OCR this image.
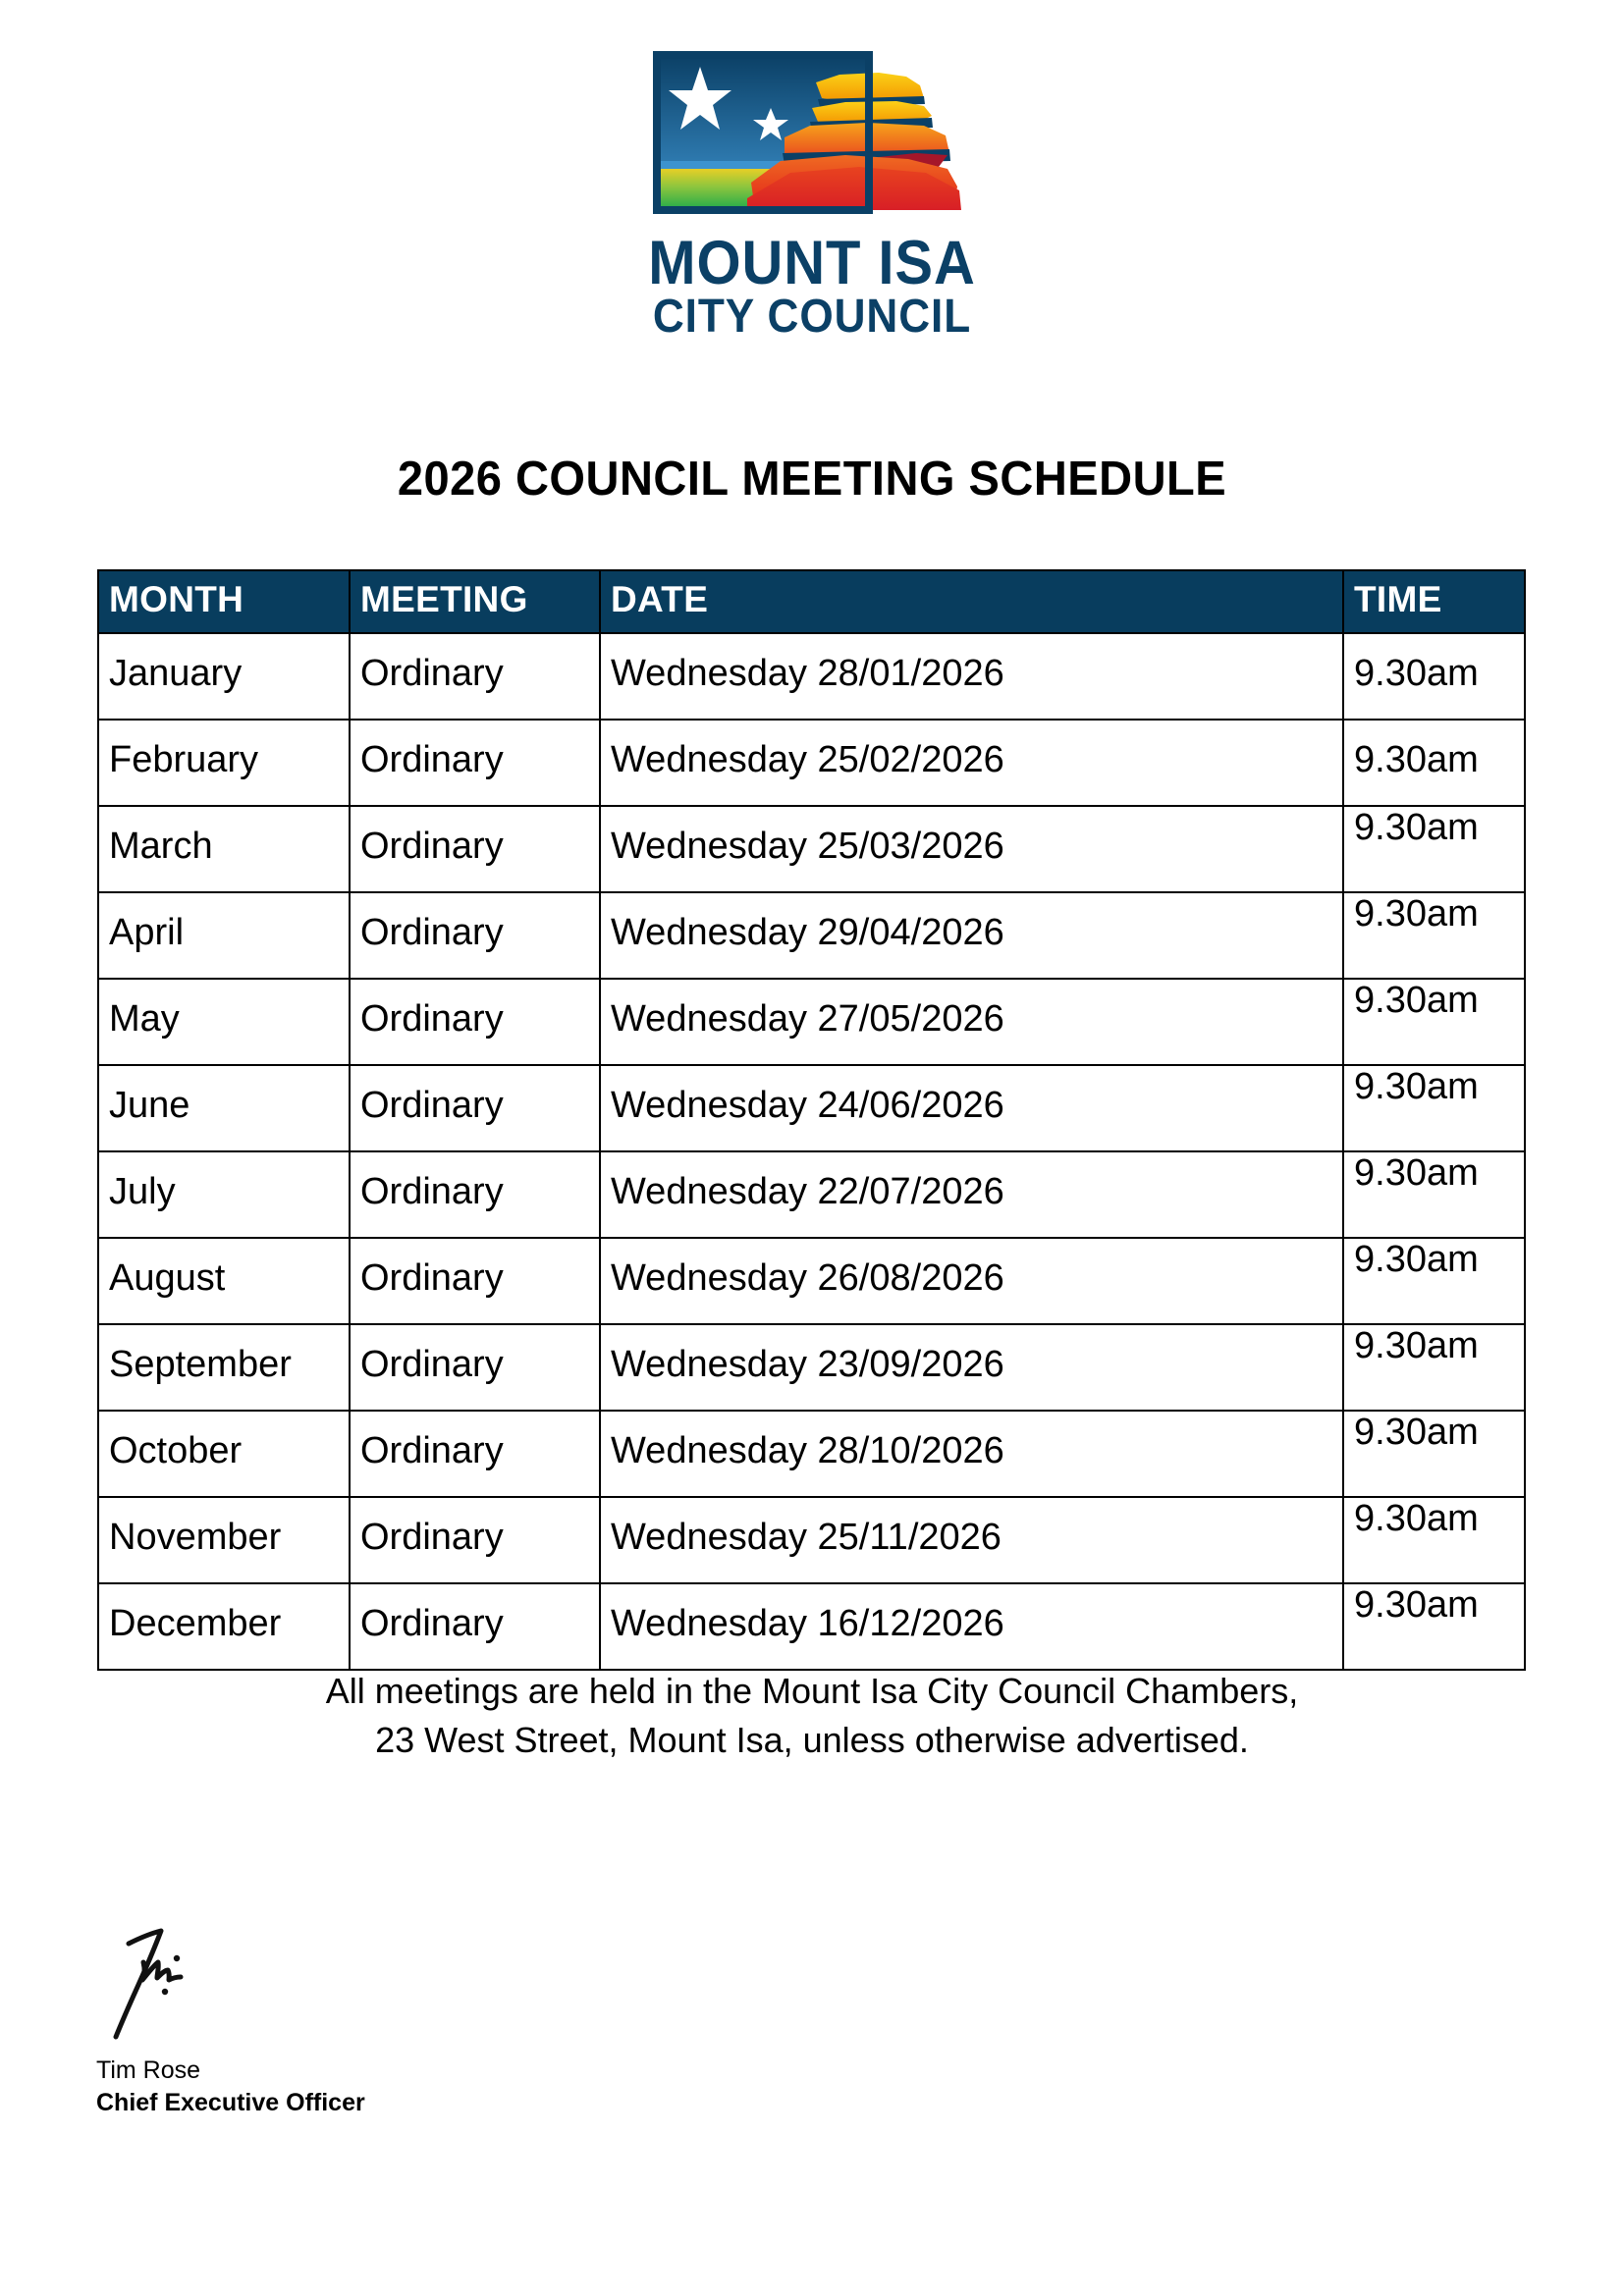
MOUNT ISA
CITY COUNCIL
2026 COUNCIL MEETING SCHEDULE
MONTH	MEETING	DATE	TIME
January	Ordinary	Wednesday 28/01/2026	9.30am
February	Ordinary	Wednesday 25/02/2026	9.30am
March	Ordinary	Wednesday 25/03/2026	9.30am
April	Ordinary	Wednesday 29/04/2026	9.30am
May	Ordinary	Wednesday 27/05/2026	9.30am
June	Ordinary	Wednesday 24/06/2026	9.30am
July	Ordinary	Wednesday 22/07/2026	9.30am
August	Ordinary	Wednesday 26/08/2026	9.30am
September	Ordinary	Wednesday 23/09/2026	9.30am
October	Ordinary	Wednesday 28/10/2026	9.30am
November	Ordinary	Wednesday 25/11/2026	9.30am
December	Ordinary	Wednesday 16/12/2026	9.30am
All meetings are held in the Mount Isa City Council Chambers,
23 West Street, Mount Isa, unless otherwise advertised.
Tim Rose
Chief Executive Officer
